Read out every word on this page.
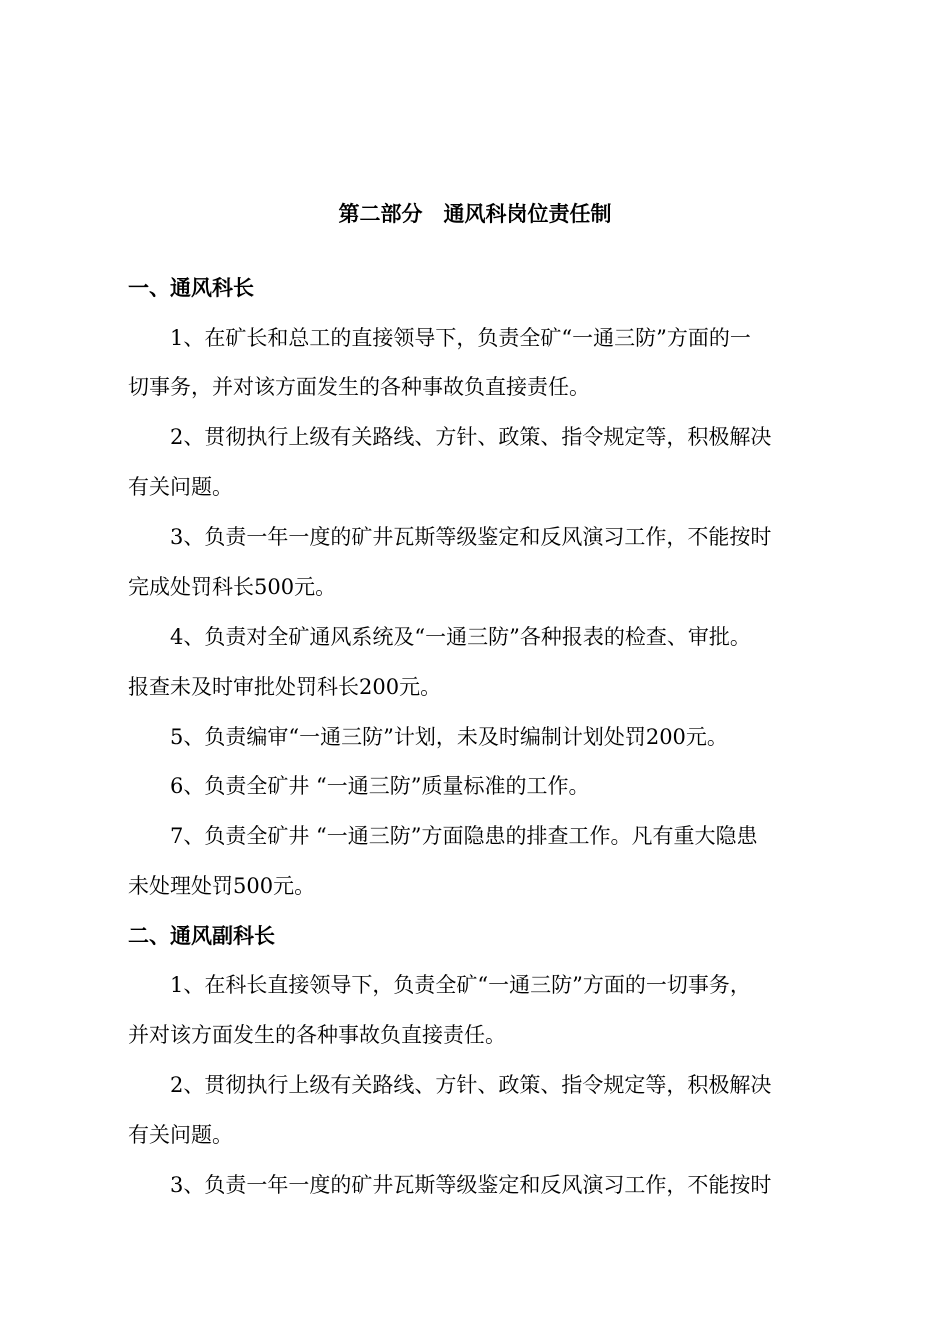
第二部分　通风科岗位责任制
一、通风科长
1、在矿长和总工的直接领导下，负责全矿“一通三防”方面的一
切事务，并对该方面发生的各种事故负直接责任。
2、贯彻执行上级有关路线、方针、政策、指令规定等，积极解决
有关问题。
3、负责一年一度的矿井瓦斯等级鉴定和反风演习工作，不能按时
完成处罚科长500元。
4、负责对全矿通风系统及“一通三防”各种报表的检查、审批。
报查未及时审批处罚科长200元。
5、负责编审“一通三防”计划，未及时编制计划处罚200元。
6、负责全矿井 “一通三防”质量标准的工作。
7、负责全矿井 “一通三防”方面隐患的排查工作。凡有重大隐患
未处理处罚500元。
二、通风副科长
1、在科长直接领导下，负责全矿“一通三防”方面的一切事务，
并对该方面发生的各种事故负直接责任。
2、贯彻执行上级有关路线、方针、政策、指令规定等，积极解决
有关问题。
3、负责一年一度的矿井瓦斯等级鉴定和反风演习工作，不能按时
